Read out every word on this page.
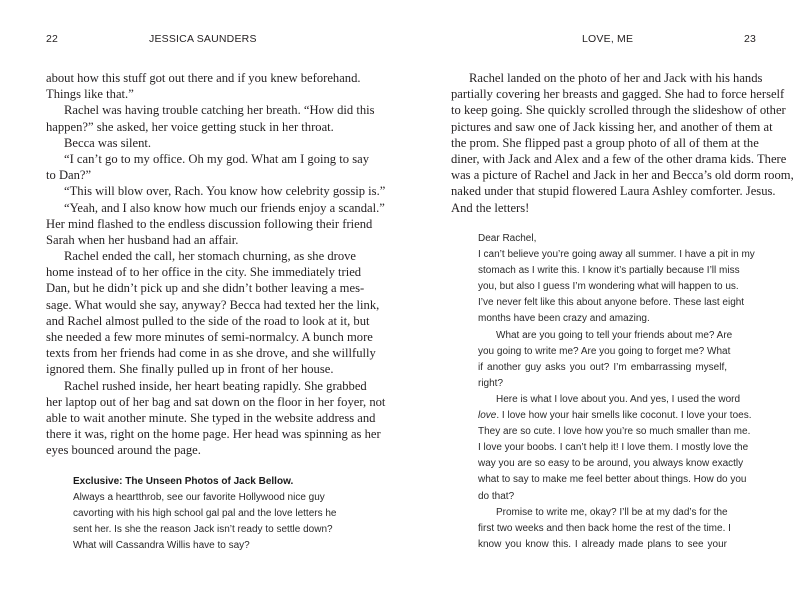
22	JESSICA SAUNDERS
about how this stuff got out there and if you knew beforehand.
Things like that.”
Rachel was having trouble catching her breath. “How did this
happen?” she asked, her voice getting stuck in her throat.
Becca was silent.
“I can’t go to my office. Oh my god. What am I going to say
to Dan?”
“This will blow over, Rach. You know how celebrity gossip is.”
“Yeah, and I also know how much our friends enjoy a scandal.”
Her mind flashed to the endless discussion following their friend
Sarah when her husband had an affair.
Rachel ended the call, her stomach churning, as she drove
home instead of to her office in the city. She immediately tried
Dan, but he didn’t pick up and she didn’t bother leaving a mes-
sage. What would she say, anyway? Becca had texted her the link,
and Rachel almost pulled to the side of the road to look at it, but
she needed a few more minutes of semi-normalcy. A bunch more
texts from her friends had come in as she drove, and she willfully
ignored them. She finally pulled up in front of her house.
Rachel rushed inside, her heart beating rapidly. She grabbed
her laptop out of her bag and sat down on the floor in her foyer, not
able to wait another minute. She typed in the website address and
there it was, right on the home page. Her head was spinning as her
eyes bounced around the page.
Exclusive: The Unseen Photos of Jack Bellow.
Always a heartthrob, see our favorite Hollywood nice guy
cavorting with his high school gal pal and the love letters he
sent her. Is she the reason Jack isn’t ready to settle down?
What will Cassandra Willis have to say?
LOVE, ME	23
Rachel landed on the photo of her and Jack with his hands
partially covering her breasts and gagged. She had to force herself
to keep going. She quickly scrolled through the slideshow of other
pictures and saw one of Jack kissing her, and another of them at
the prom. She flipped past a group photo of all of them at the
diner, with Jack and Alex and a few of the other drama kids. There
was a picture of Rachel and Jack in her and Becca’s old dorm room,
naked under that stupid flowered Laura Ashley comforter. Jesus.
And the letters!
Dear Rachel,
I can’t believe you’re going away all summer. I have a pit in my
stomach as I write this. I know it’s partially because I’ll miss
you, but also I guess I’m wondering what will happen to us.
I’ve never felt like this about anyone before. These last eight
months have been crazy and amazing.
What are you going to tell your friends about me? Are
you going to write me? Are you going to forget me? What
if another guy asks you out? I’m embarrassing myself,
right?
Here is what I love about you. And yes, I used the word
love. I love how your hair smells like coconut. I love your toes.
They are so cute. I love how you’re so much smaller than me.
I love your boobs. I can’t help it! I love them. I mostly love the
way you are so easy to be around, you always know exactly
what to say to make me feel better about things. How do you
do that?
Promise to write me, okay? I’ll be at my dad’s for the
first two weeks and then back home the rest of the time. I
know you know this. I already made plans to see your
